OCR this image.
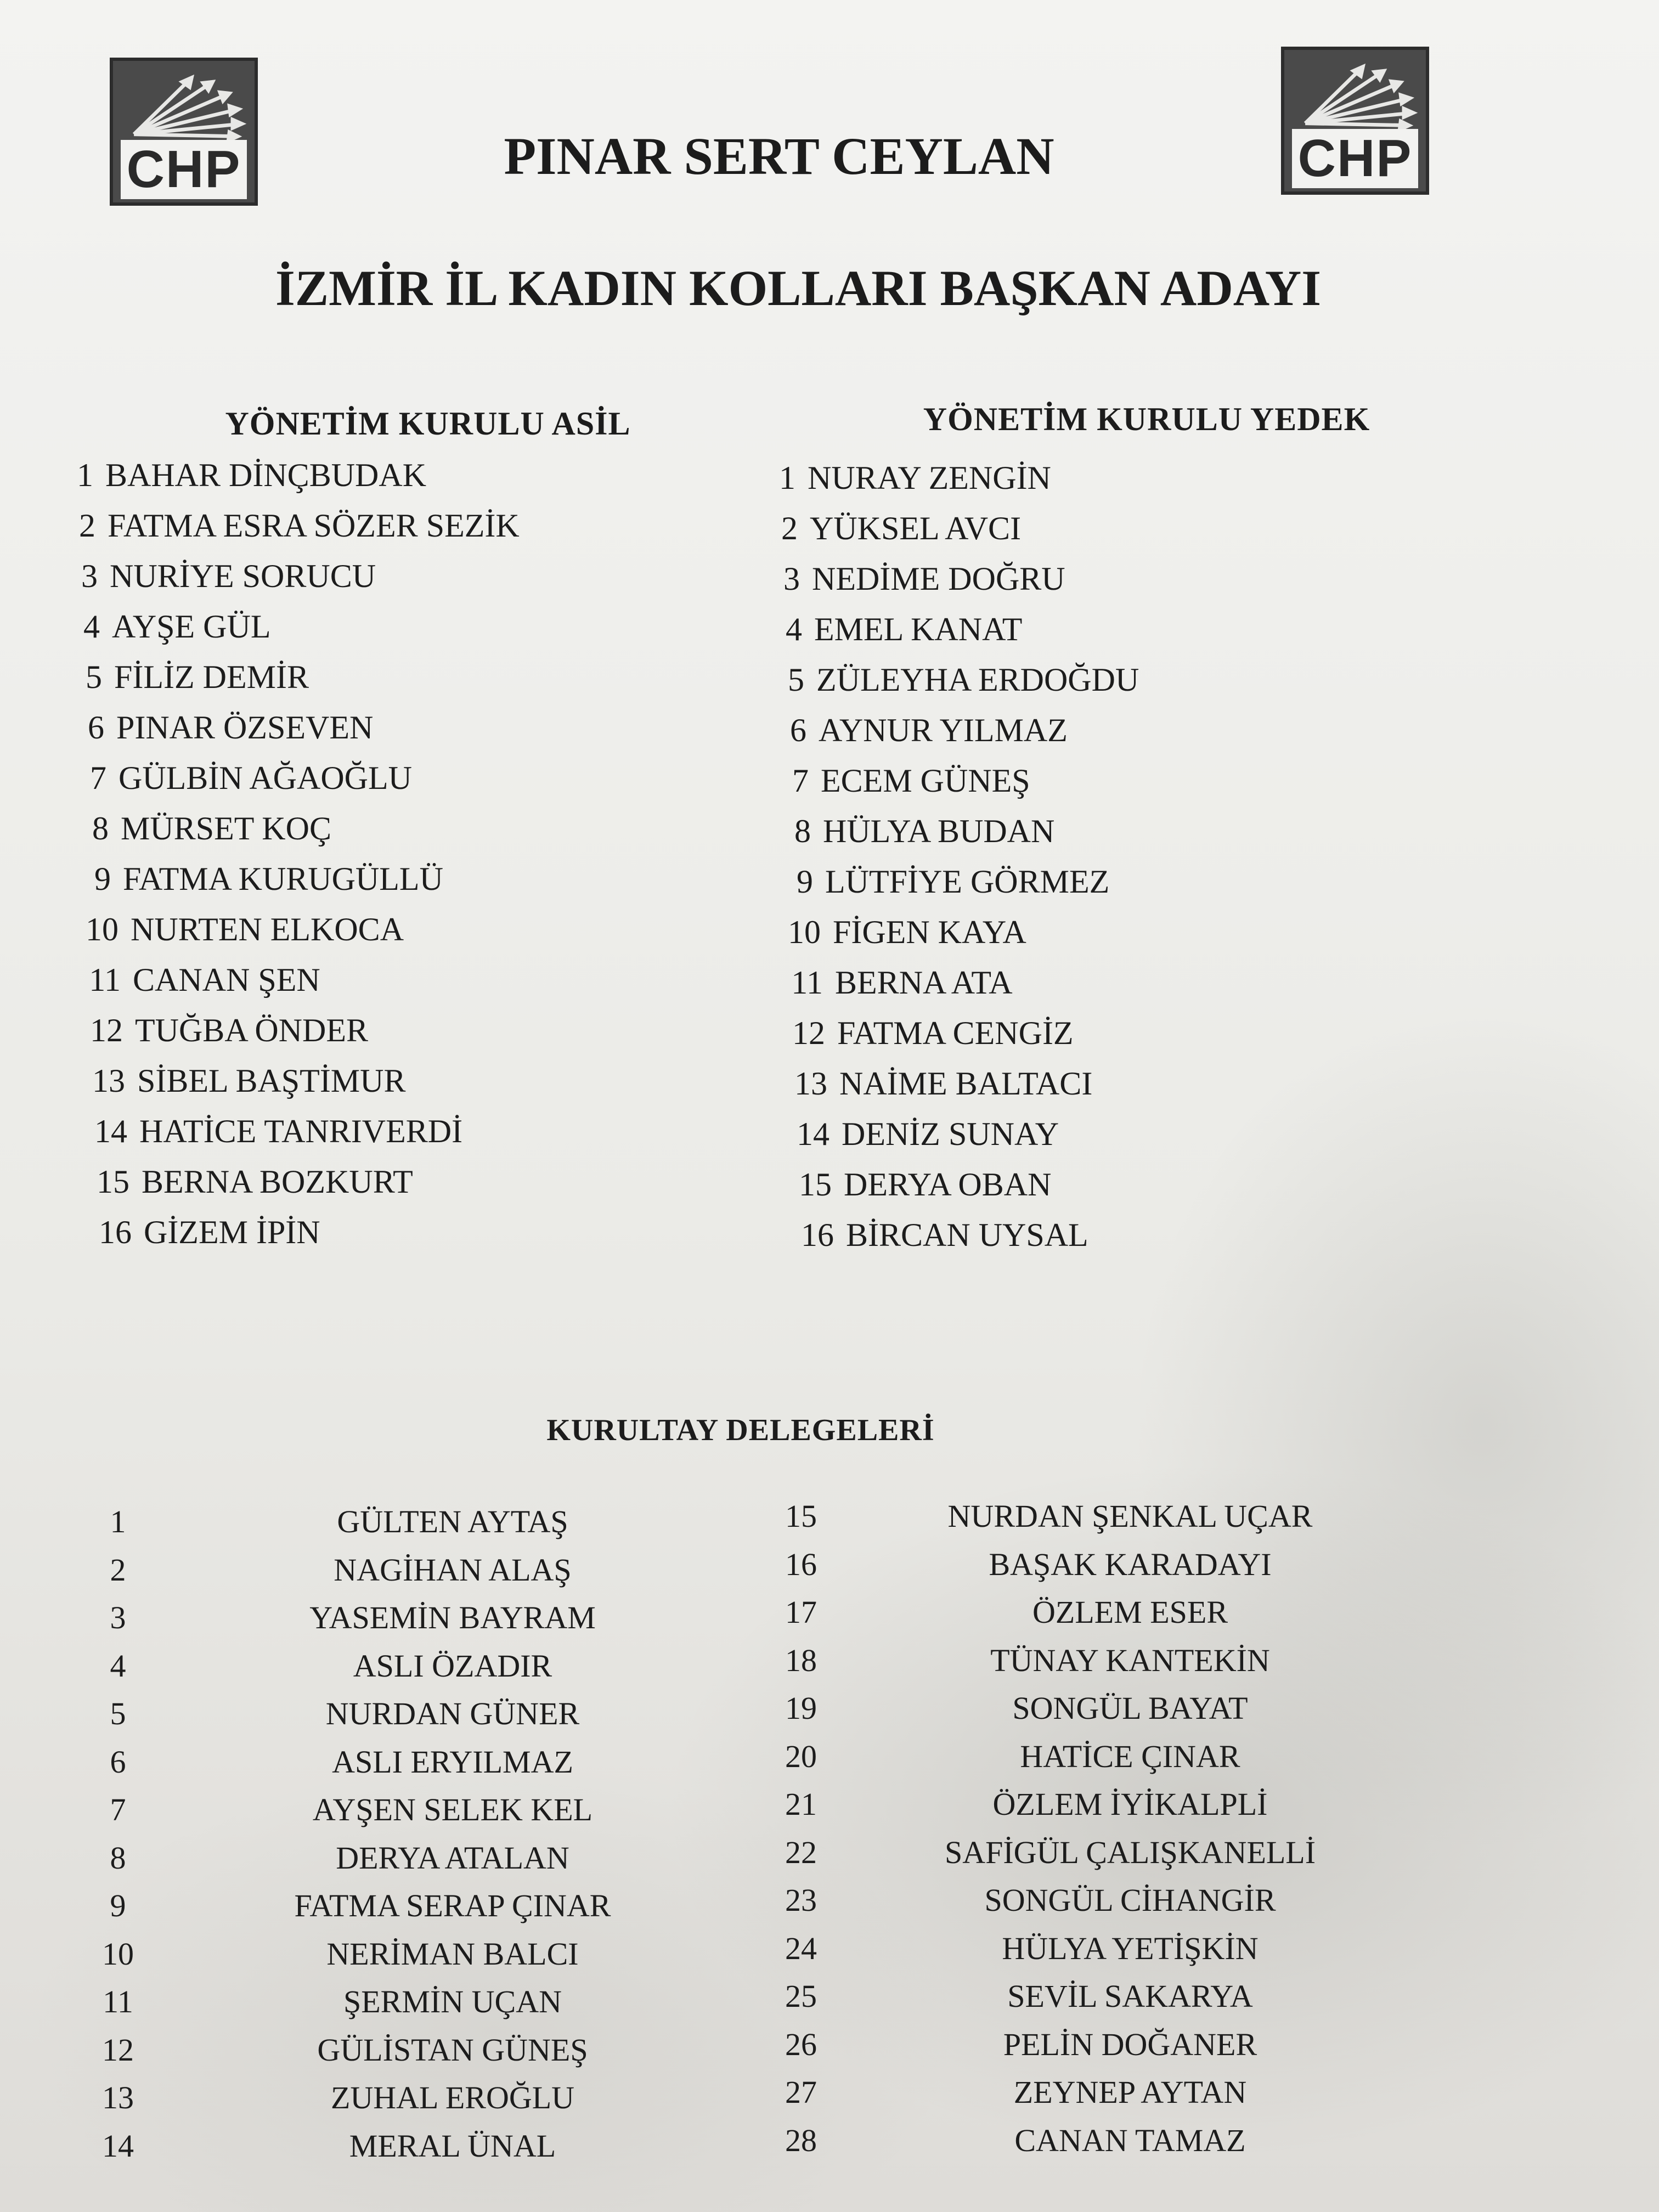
CHP	CHP
PINAR SERT CEYLAN
İZMİR İL KADIN KOLLARI BAŞKAN ADAYI
YÖNETİM KURULU ASİL
1 BAHAR DİNÇBUDAK
2 FATMA ESRA SÖZER SEZİK
3 NURİYE SORUCU
4 AYŞE GÜL
5 FİLİZ DEMİR
6 PINAR ÖZSEVEN
7 GÜLBİN AĞAOĞLU
8 MÜRSET KOÇ
9 FATMA KURUGÜLLÜ
10 NURTEN ELKOCA
11 CANAN ŞEN
12 TUĞBA ÖNDER
13 SİBEL BAŞTİMUR
14 HATİCE TANRIVERDİ
15 BERNA BOZKURT
16 GİZEM İPİN
YÖNETİM KURULU YEDEK
1 NURAY ZENGİN
2 YÜKSEL AVCI
3 NEDİME DOĞRU
4 EMEL KANAT
5 ZÜLEYHA ERDOĞDU
6 AYNUR YILMAZ
7 ECEM GÜNEŞ
8 HÜLYA BUDAN
9 LÜTFİYE GÖRMEZ
10 FİGEN KAYA
11 BERNA ATA
12 FATMA CENGİZ
13 NAİME BALTACI
14 DENİZ SUNAY
15 DERYA OBAN
16 BİRCAN UYSAL
KURULTAY DELEGELERİ
1	GÜLTEN AYTAŞ
2	NAGİHAN ALAŞ
3	YASEMİN BAYRAM
4	ASLI ÖZADIR
5	NURDAN GÜNER
6	ASLI ERYILMAZ
7	AYŞEN SELEK KEL
8	DERYA ATALAN
9	FATMA SERAP ÇINAR
10	NERİMAN BALCI
11	ŞERMİN UÇAN
12	GÜLİSTAN GÜNEŞ
13	ZUHAL EROĞLU
14	MERAL ÜNAL
15	NURDAN ŞENKAL UÇAR
16	BAŞAK KARADAYI
17	ÖZLEM ESER
18	TÜNAY KANTEKİN
19	SONGÜL BAYAT
20	HATİCE ÇINAR
21	ÖZLEM İYİKALPLİ
22	SAFİGÜL ÇALIŞKANELLİ
23	SONGÜL CİHANGİR
24	HÜLYA YETİŞKİN
25	SEVİL SAKARYA
26	PELİN DOĞANER
27	ZEYNEP AYTAN
28	CANAN TAMAZ
